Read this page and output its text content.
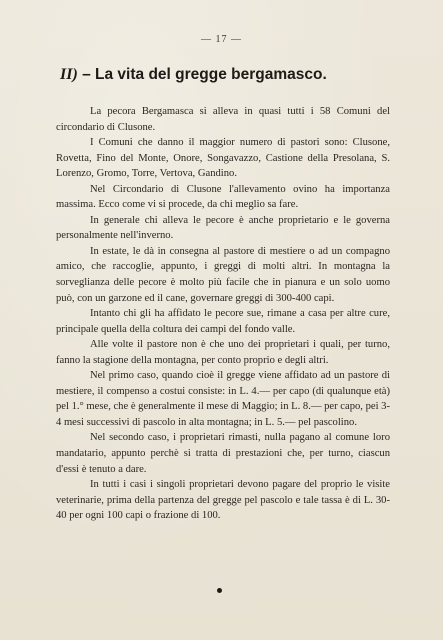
— 17 —
II) – La vita del gregge bergamasco.

La pecora Bergamasca si alleva in quasi tutti i 58 Comuni del circondario di Clusone.

I Comuni che danno il maggior numero di pastori sono: Clusone, Rovetta, Fino del Monte, Onore, Songavazzo, Castione della Presolana, S. Lorenzo, Gromo, Torre, Vertova, Gandino.

Nel Circondario di Clusone l'allevamento ovino ha importanza massima. Ecco come vi si procede, da chi meglio sa fare.

In generale chi alleva le pecore è anche proprietario e le governa personalmente nell'inverno.

In estate, le dà in consegna al pastore di mestiere o ad un compagno amico, che raccoglie, appunto, i greggi di molti altri. In montagna la sorveglianza delle pecore è molto più facile che in pianura e un solo uomo può, con un garzone ed il cane, governare greggi di 300-400 capi.

Intanto chi gli ha affidato le pecore sue, rimane a casa per altre cure, principale quella della coltura dei campi del fondo valle.

Alle volte il pastore non è che uno dei proprietari i quali, per turno, fanno la stagione della montagna, per conto proprio e degli altri.

Nel primo caso, quando cioè il gregge viene affidato ad un pastore di mestiere, il compenso a costui consiste: in L. 4.— per capo (di qualunque età) pel 1.° mese, che è generalmente il mese di Maggio; in L. 8.— per capo, pei 3-4 mesi successivi di pascolo in alta montagna; in L. 5.— pel pascolino.

Nel secondo caso, i proprietari rimasti, nulla pagano al comune loro mandatario, appunto perchè si tratta di prestazioni che, per turno, ciascun d'essi è tenuto a dare.

In tutti i casi i singoli proprietari devono pagare del proprio le visite veterinarie, prima della partenza del gregge pel pascolo e tale tassa è di L. 30-40 per ogni 100 capi o frazione di 100.
